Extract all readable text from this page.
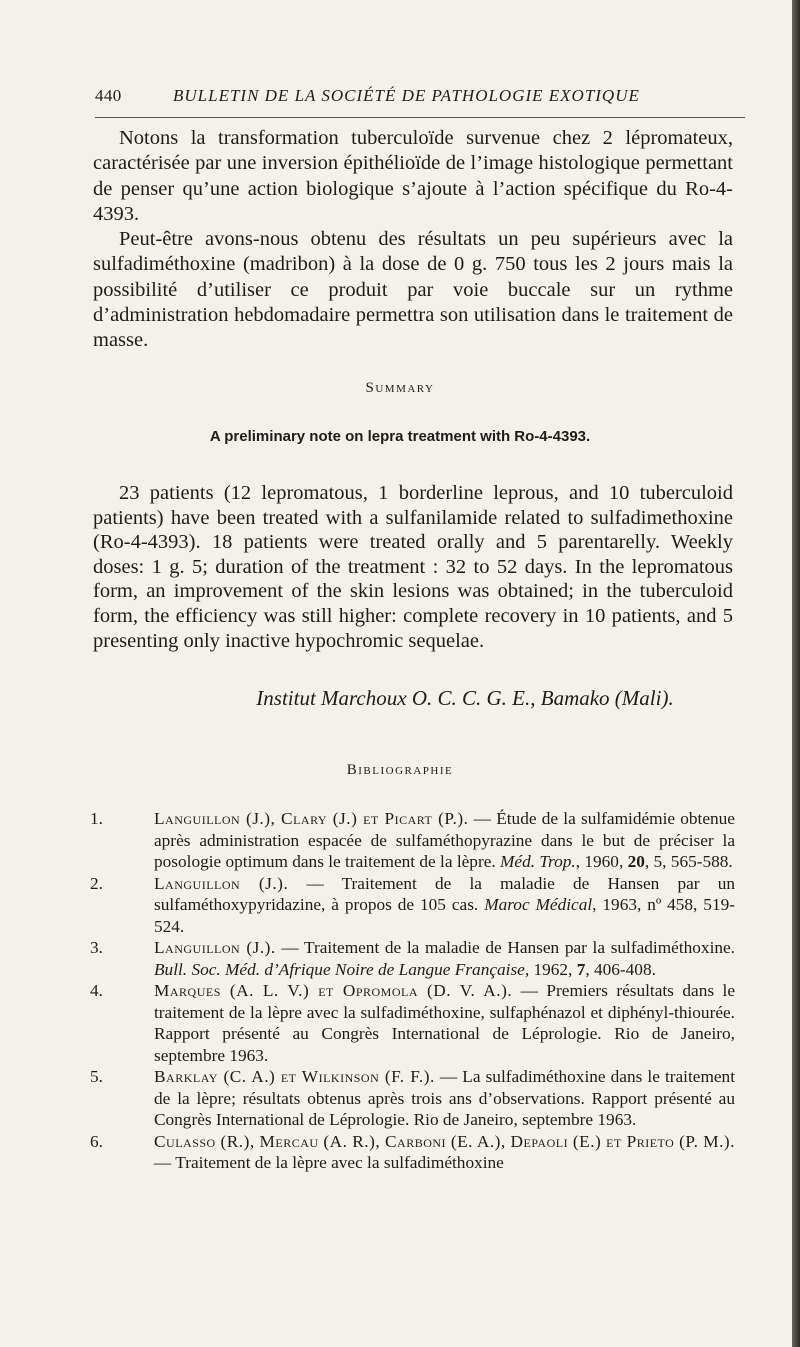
440	BULLETIN DE LA SOCIÉTÉ DE PATHOLOGIE EXOTIQUE

Notons la transformation tuberculoïde survenue chez 2 lépromateux, caractérisée par une inversion épithélioïde de l’image histologique permettant de penser qu’une action biologique s’ajoute à l’action spécifique du Ro-4-4393.

Peut-être avons-nous obtenu des résultats un peu supérieurs avec la sulfadiméthoxine (madribon) à la dose de 0 g. 750 tous les 2 jours mais la possibilité d’utiliser ce produit par voie buccale sur un rythme d’administration hebdomadaire permettra son utilisation dans le traitement de masse.

Summary
A preliminary note on lepra treatment with Ro-4-4393.

23 patients (12 lepromatous, 1 borderline leprous, and 10 tuberculoid patients) have been treated with a sulfanilamide related to sulfadimethoxine (Ro-4-4393). 18 patients were treated orally and 5 parentarelly. Weekly doses: 1 g. 5; duration of the treatment : 32 to 52 days. In the lepromatous form, an improvement of the skin lesions was obtained; in the tuberculoid form, the efficiency was still higher: complete recovery in 10 patients, and 5 presenting only inactive hypochromic sequelae.

Institut Marchoux O. C. C. G. E., Bamako (Mali).
Bibliographie
1.	Languillon (J.), Clary (J.) et Picart (P.). — Étude de la sulfamidémie obtenue après administration espacée de sulfaméthopyrazine dans le but de préciser la posologie optimum dans le traitement de la lèpre. Méd. Trop., 1960, 20, 5, 565-588.
2.	Languillon (J.). — Traitement de la maladie de Hansen par un sulfaméthoxypyridazine, à propos de 105 cas. Maroc Médical, 1963, nº 458, 519-524.
3.	Languillon (J.). — Traitement de la maladie de Hansen par la sulfadiméthoxine. Bull. Soc. Méd. d’Afrique Noire de Langue Française, 1962, 7, 406-408.
4.	Marques (A. L. V.) et Opromola (D. V. A.). — Premiers résultats dans le traitement de la lèpre avec la sulfadiméthoxine, sulfaphénazol et diphényl-thiourée. Rapport présenté au Congrès International de Léprologie. Rio de Janeiro, septembre 1963.
5.	Barklay (C. A.) et Wilkinson (F. F.). — La sulfadiméthoxine dans le traitement de la lèpre; résultats obtenus après trois ans d’observations. Rapport présenté au Congrès International de Léprologie. Rio de Janeiro, septembre 1963.
6.	Culasso (R.), Mercau (A. R.), Carboni (E. A.), Depaoli (E.) et Prieto (P. M.). — Traitement de la lèpre avec la sulfadiméthoxine
